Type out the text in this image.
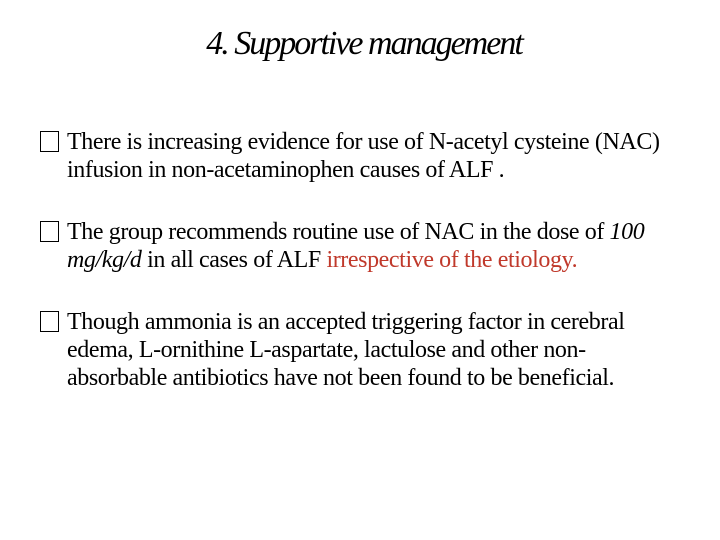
4. Supportive management
There is increasing evidence for use of N-acetyl cysteine (NAC) infusion in non-acetaminophen causes of ALF .
The group recommends routine use of NAC in the dose of 100 mg/kg/d in all cases of ALF irrespective of the etiology.
Though ammonia is an accepted triggering factor in cerebral edema, L-ornithine L-aspartate, lactulose and other non-absorbable antibiotics have not been found to be beneficial.
